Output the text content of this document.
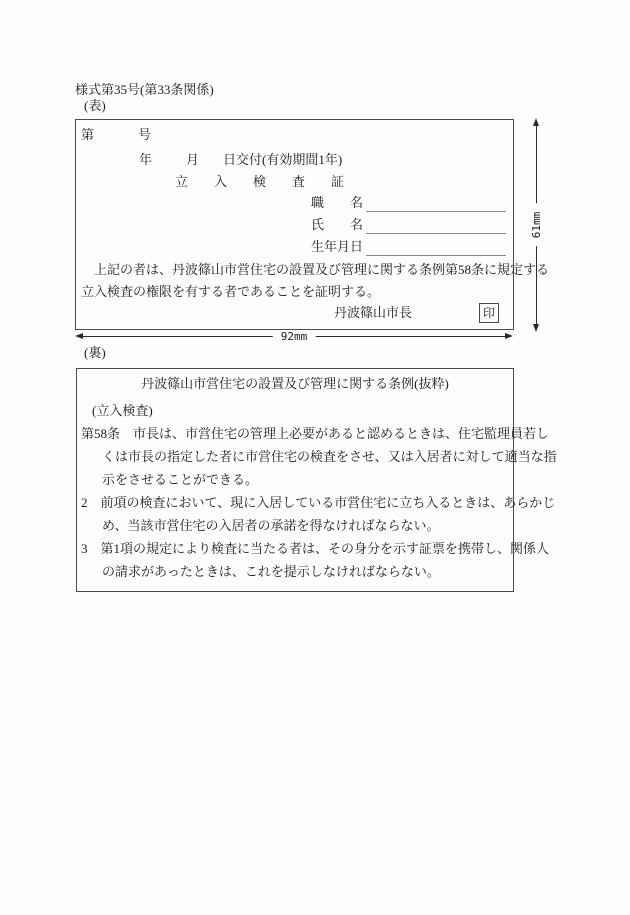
様式第35号(第33条関係)
(表)
第	号
年	月 日交付(有効期間1年)
立　　入　　検　　査　　証
職　　名
氏　　名
生年月日
　上記の者は、丹波篠山市営住宅の設置及び管理に関する条例第58条に規定する
立入検査の権限を有する者であることを証明する。
丹波篠山市長	印
92mm
61mm
(裏)
丹波篠山市営住宅の設置及び管理に関する条例(抜粋)
(立入検査)
第58条　市長は、市営住宅の管理上必要があると認めるときは、住宅監理員若し
くは市長の指定した者に市営住宅の検査をさせ、又は入居者に対して適当な指
示をさせることができる。
2　前項の検査において、現に入居している市営住宅に立ち入るときは、あらかじ
め、当該市営住宅の入居者の承諾を得なければならない。
3　第1項の規定により検査に当たる者は、その身分を示す証票を携帯し、関係人
の請求があったときは、これを提示しなければならない。
